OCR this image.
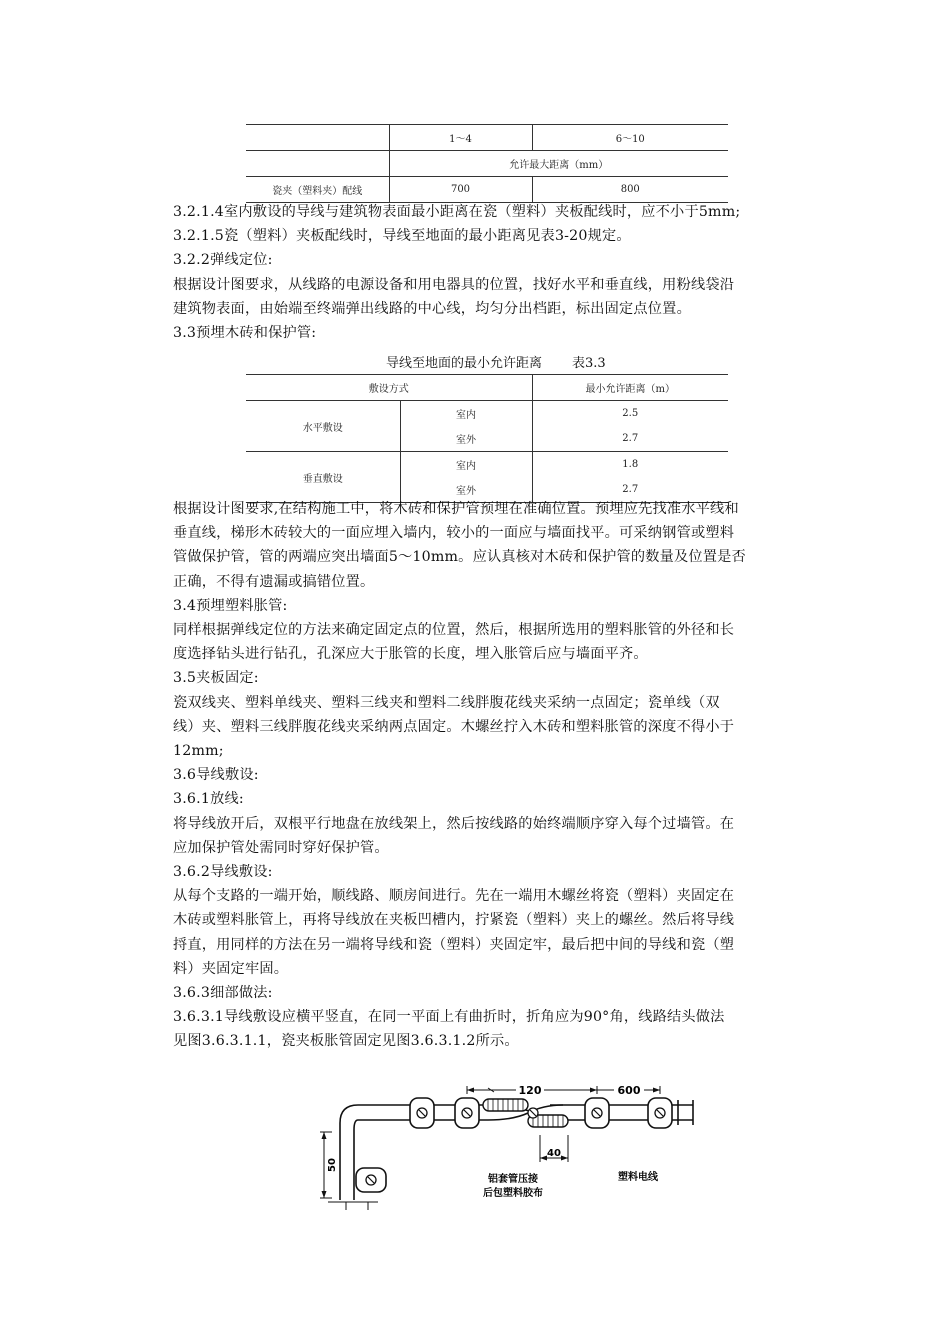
	1～4	6～10
	允许最大距离（mm）	
瓷夹（塑料夹）配线	700	800

3.2.1.4室内敷设的导线与建筑物表面最小距离在瓷（塑料）夹板配线时，应不小于5mm;

3.2.1.5瓷（塑料）夹板配线时，导线至地面的最小距离见表3-20规定。

3.2.2弹线定位:

根据设计图要求，从线路的电源设备和用电器具的位置，找好水平和垂直线，用粉线袋沿

建筑物表面，由始端至终端弹出线路的中心线，均匀分出档距，标出固定点位置。

3.3预埋木砖和保护管:

导线至地面的最小允许距离 表3.3
敷设方式		最小允许距离（m）
水平敷设	室内	2.5
	室外	2.7
垂直敷设	室内	1.8
	室外	2.7

根据设计图要求,在结构施工中，将木砖和保护管预埋在准确位置。预埋应先找准水平线和

垂直线，梯形木砖较大的一面应埋入墙内，较小的一面应与墙面找平。可采纳钢管或塑料

管做保护管，管的两端应突出墙面5～10mm。应认真核对木砖和保护管的数量及位置是否

正确，不得有遗漏或搞错位置。

3.4预埋塑料胀管:

同样根据弹线定位的方法来确定固定点的位置，然后，根据所选用的塑料胀管的外径和长

度选择钻头进行钻孔，孔深应大于胀管的长度，埋入胀管后应与墙面平齐。

3.5夹板固定:

瓷双线夹、塑料单线夹、塑料三线夹和塑料二线胖腹花线夹采纳一点固定；瓷单线（双

线）夹、塑料三线胖腹花线夹采纳两点固定。木螺丝拧入木砖和塑料胀管的深度不得小于

12mm;

3.6导线敷设:

3.6.1放线:

将导线放开后，双根平行地盘在放线架上，然后按线路的始终端顺序穿入每个过墙管。在

应加保护管处需同时穿好保护管。

3.6.2导线敷设:

从每个支路的一端开始，顺线路、顺房间进行。先在一端用木螺丝将瓷（塑料）夹固定在

木砖或塑料胀管上，再将导线放在夹板凹槽内，拧紧瓷（塑料）夹上的螺丝。然后将导线

捋直，用同样的方法在另一端将导线和瓷（塑料）夹固定牢，最后把中间的导线和瓷（塑

料）夹固定牢固。

3.6.3细部做法:

3.6.3.1导线敷设应横平竖直，在同一平面上有曲折时，折角应为90°角，线路结头做法

见图3.6.3.1.1，瓷夹板胀管固定见图3.6.3.1.2所示。

120	600
50
40
铝套管压接
后包塑料胶布
塑料电线
